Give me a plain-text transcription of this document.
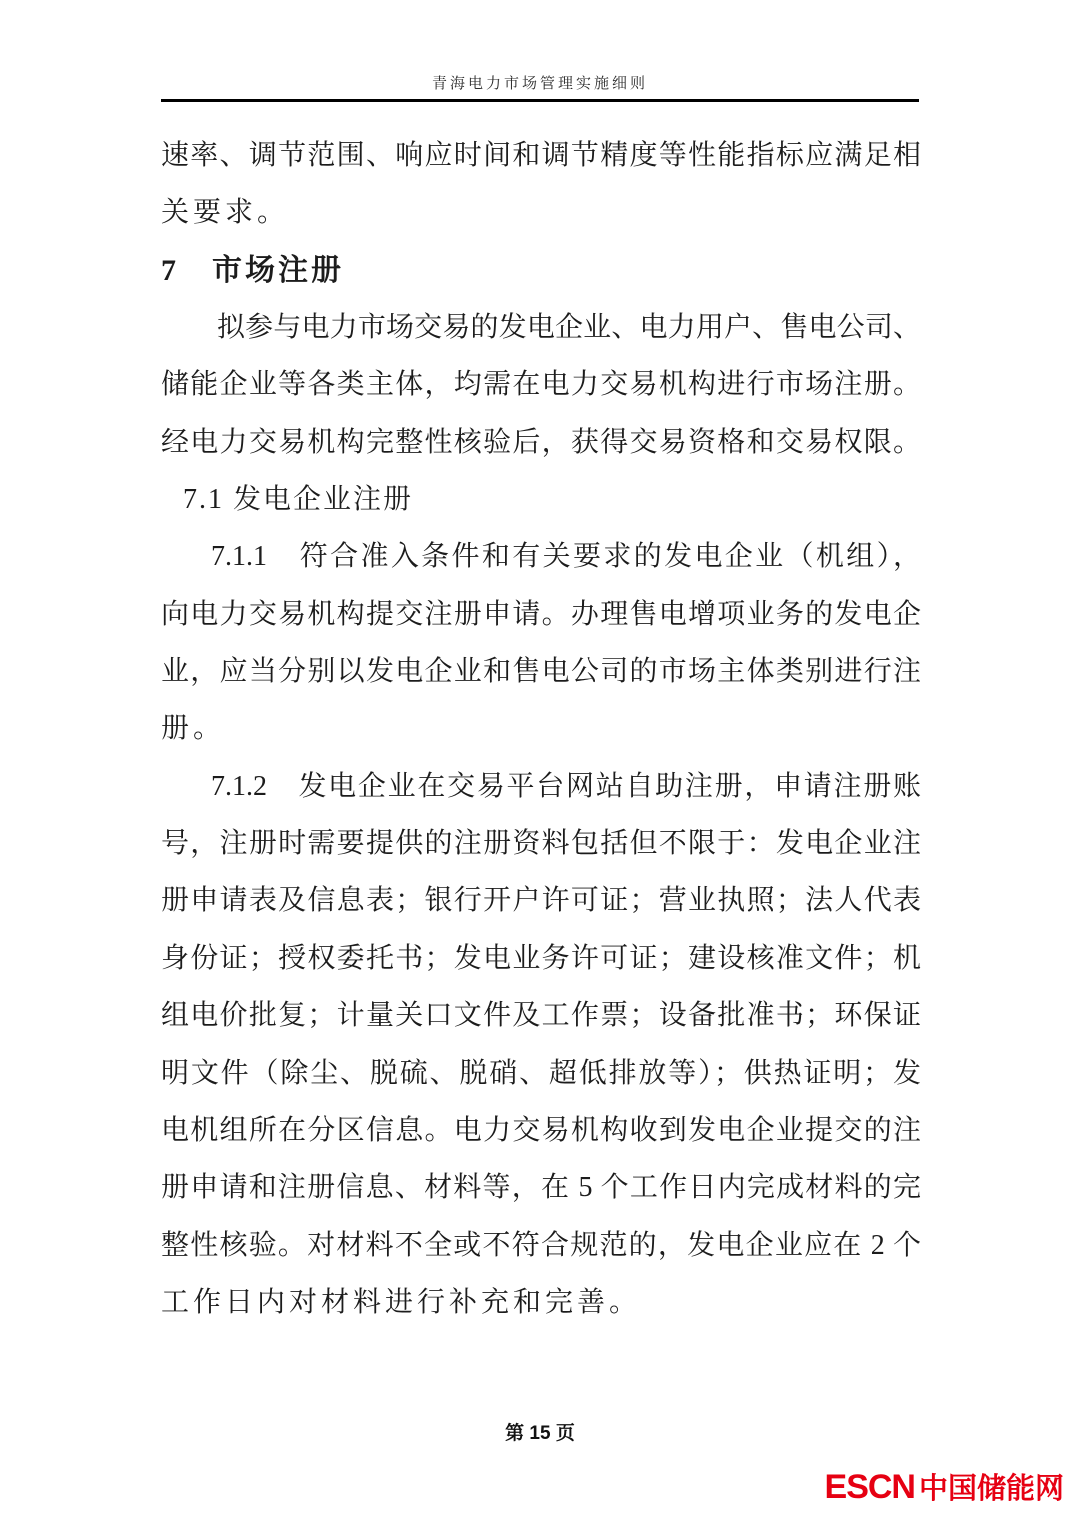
青海电力市场管理实施细则
速率、调节范围、响应时间和调节精度等性能指标应满足相
关要求。
7　市场注册
拟参与电力市场交易的发电企业、电力用户、售电公司、
储能企业等各类主体，均需在电力交易机构进行市场注册。
经电力交易机构完整性核验后，获得交易资格和交易权限。
7.1 发电企业注册
7.1.1　符合准入条件和有关要求的发电企业（机组），
向电力交易机构提交注册申请。办理售电增项业务的发电企
业，应当分别以发电企业和售电公司的市场主体类别进行注
册。
7.1.2　发电企业在交易平台网站自助注册，申请注册账
号，注册时需要提供的注册资料包括但不限于：发电企业注
册申请表及信息表；银行开户许可证；营业执照；法人代表
身份证；授权委托书；发电业务许可证；建设核准文件；机
组电价批复；计量关口文件及工作票；设备批准书；环保证
明文件（除尘、脱硫、脱硝、超低排放等）；供热证明；发
电机组所在分区信息。电力交易机构收到发电企业提交的注
册申请和注册信息、材料等，在 5 个工作日内完成材料的完
整性核验。对材料不全或不符合规范的，发电企业应在 2 个
工作日内对材料进行补充和完善。
第 15 页
ESCN 中国储能网
